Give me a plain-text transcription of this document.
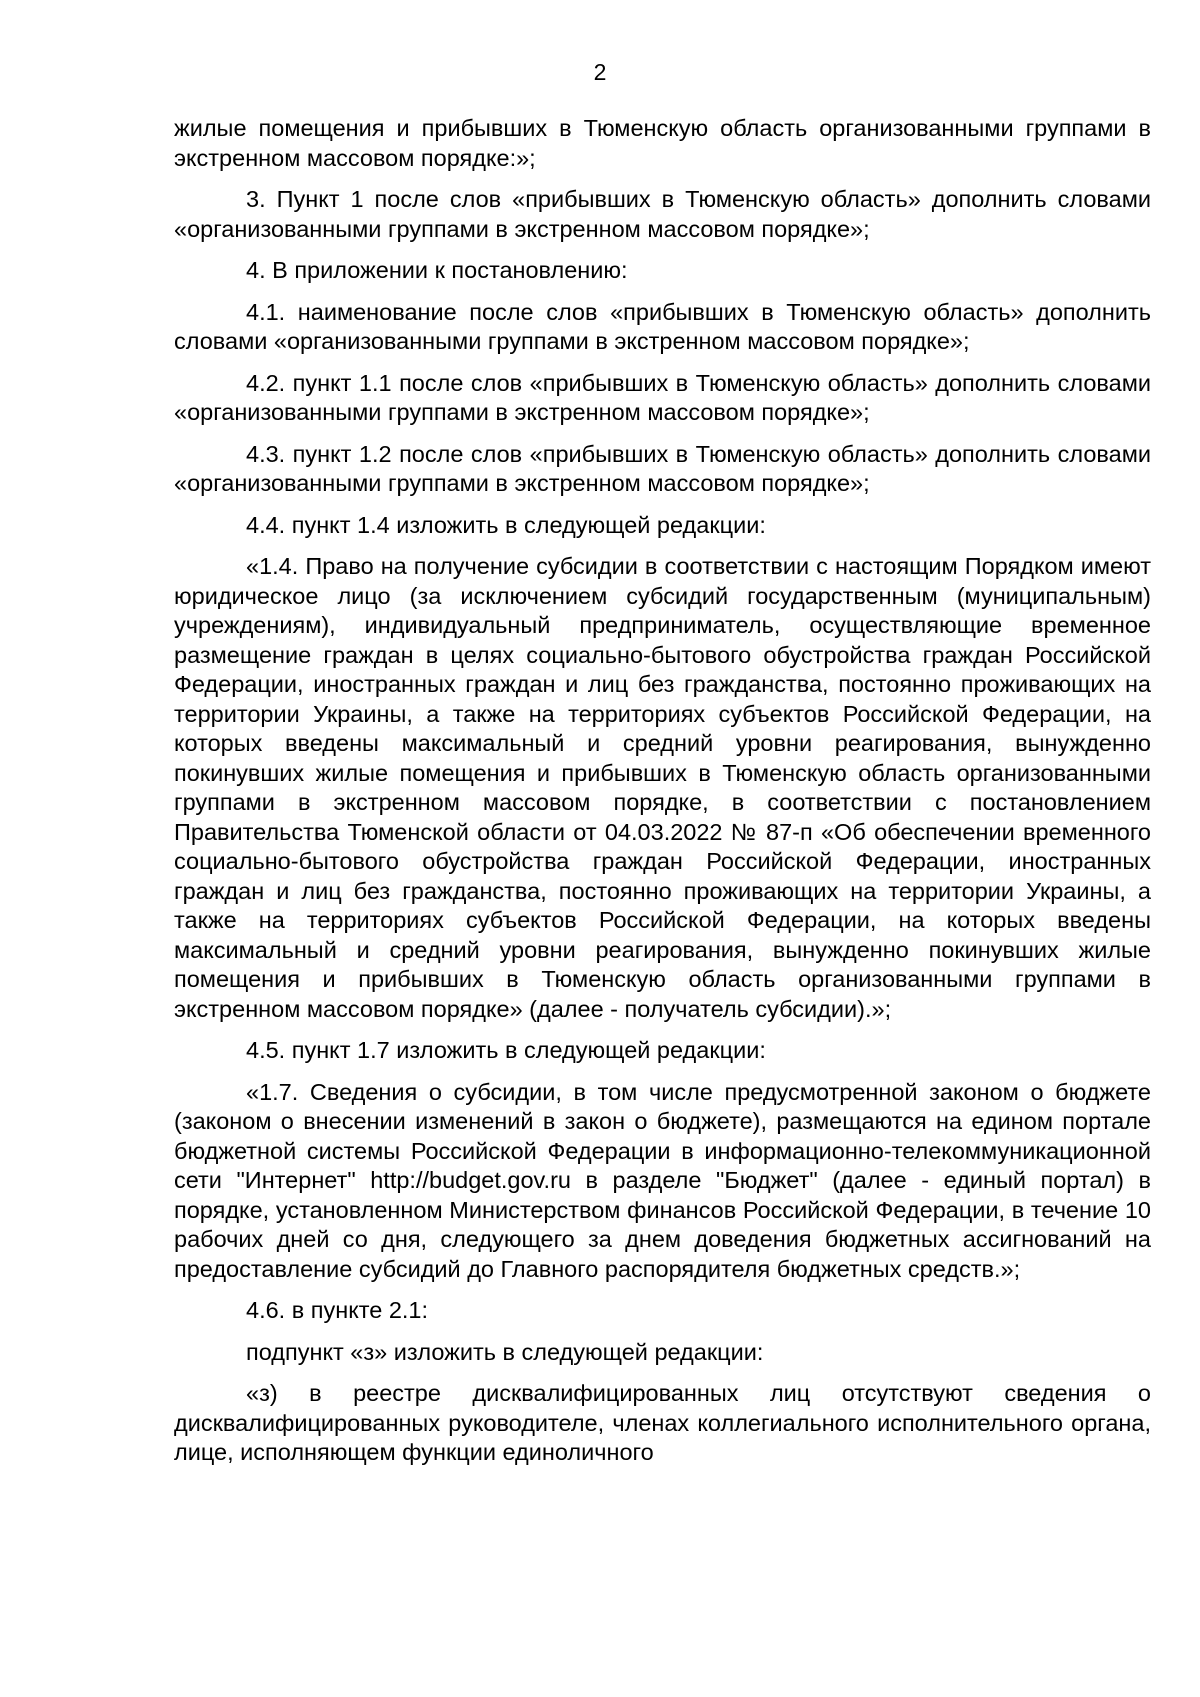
2

жилые помещения и прибывших в Тюменскую область организованными группами в экстренном массовом порядке:»;

3. Пункт 1 после слов «прибывших в Тюменскую область» дополнить словами «организованными группами в экстренном массовом порядке»;

4. В приложении к постановлению:

4.1. наименование после слов «прибывших в Тюменскую область» дополнить словами «организованными группами в экстренном массовом порядке»;

4.2. пункт 1.1 после слов «прибывших в Тюменскую область» дополнить словами «организованными группами в экстренном массовом порядке»;

4.3. пункт 1.2 после слов «прибывших в Тюменскую область» дополнить словами «организованными группами в экстренном массовом порядке»;

4.4. пункт 1.4 изложить в следующей редакции:

«1.4. Право на получение субсидии в соответствии с настоящим Порядком имеют юридическое лицо (за исключением субсидий государственным (муниципальным) учреждениям), индивидуальный предприниматель, осуществляющие временное размещение граждан в целях социально-бытового обустройства граждан Российской Федерации, иностранных граждан и лиц без гражданства, постоянно проживающих на территории Украины, а также на территориях субъектов Российской Федерации, на которых введены максимальный и средний уровни реагирования, вынужденно покинувших жилые помещения и прибывших в Тюменскую область организованными группами в экстренном массовом порядке, в соответствии с постановлением Правительства Тюменской области от 04.03.2022 № 87-п «Об обеспечении временного социально-бытового обустройства граждан Российской Федерации, иностранных граждан и лиц без гражданства, постоянно проживающих на территории Украины, а также на территориях субъектов Российской Федерации, на которых введены максимальный и средний уровни реагирования, вынужденно покинувших жилые помещения и прибывших в Тюменскую область организованными группами в экстренном массовом порядке» (далее - получатель субсидии).»;

4.5. пункт 1.7 изложить в следующей редакции:

«1.7. Сведения о субсидии, в том числе предусмотренной законом о бюджете (законом о внесении изменений в закон о бюджете), размещаются на едином портале бюджетной системы Российской Федерации в информационно-телекоммуникационной сети "Интернет" http://budget.gov.ru в разделе "Бюджет" (далее - единый портал) в порядке, установленном Министерством финансов Российской Федерации, в течение 10 рабочих дней со дня, следующего за днем доведения бюджетных ассигнований на предоставление субсидий до Главного распорядителя бюджетных средств.»;

4.6. в пункте 2.1:

подпункт «з» изложить в следующей редакции:

«з) в реестре дисквалифицированных лиц отсутствуют сведения о дисквалифицированных руководителе, членах коллегиального исполнительного органа, лице, исполняющем функции единоличного
